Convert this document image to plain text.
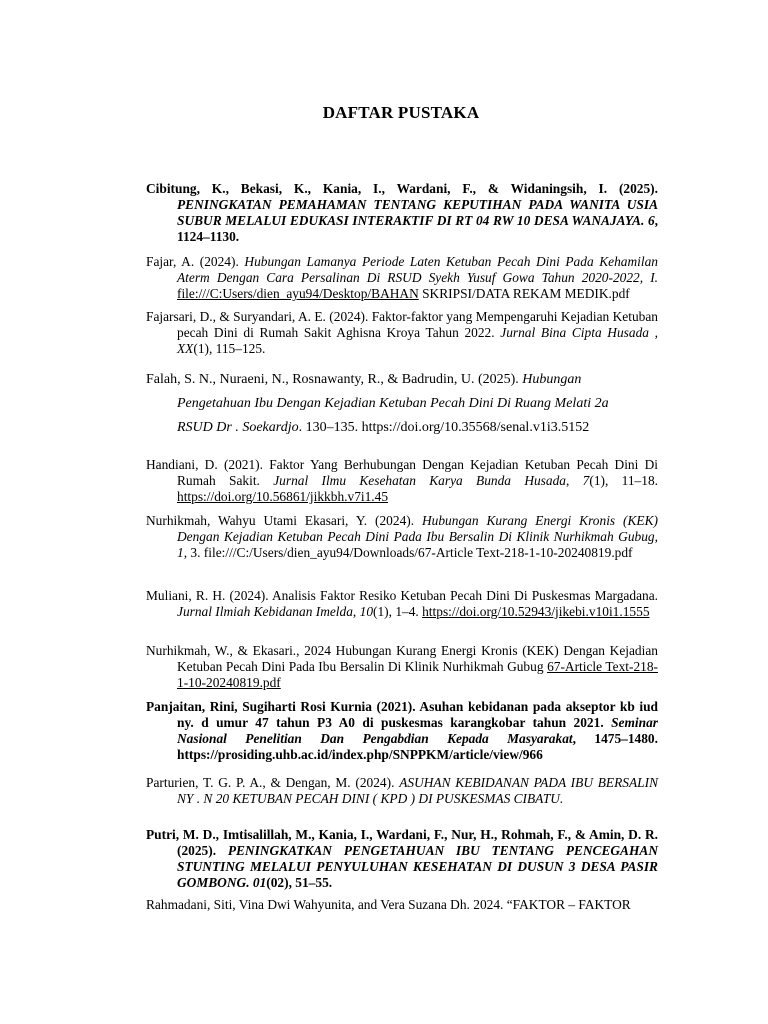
DAFTAR PUSTAKA
Cibitung, K., Bekasi, K., Kania, I., Wardani, F., & Widaningsih, I. (2025). PENINGKATAN PEMAHAMAN TENTANG KEPUTIHAN PADA WANITA USIA SUBUR MELALUI EDUKASI INTERAKTIF DI RT 04 RW 10 DESA WANAJAYA. 6, 1124–1130.
Fajar, A. (2024). Hubungan Lamanya Periode Laten Ketuban Pecah Dini Pada Kehamilan Aterm Dengan Cara Persalinan Di RSUD Syekh Yusuf Gowa Tahun 2020-2022, I. file:///C:Users/dien_ayu94/Desktop/BAHAN SKRIPSI/DATA REKAM MEDIK.pdf
Fajarsari, D., & Suryandari, A. E. (2024). Faktor-faktor yang Mempengaruhi Kejadian Ketuban pecah Dini di Rumah Sakit Aghisna Kroya Tahun 2022. Jurnal Bina Cipta Husada , XX(1), 115–125.
Falah, S. N., Nuraeni, N., Rosnawanty, R., & Badrudin, U. (2025). Hubungan
Pengetahuan Ibu Dengan Kejadian Ketuban Pecah Dini Di Ruang Melati 2a
RSUD Dr . Soekardjo. 130–135. https://doi.org/10.35568/senal.v1i3.5152
Handiani, D. (2021). Faktor Yang Berhubungan Dengan Kejadian Ketuban Pecah Dini Di Rumah Sakit. Jurnal Ilmu Kesehatan Karya Bunda Husada, 7(1), 11–18. https://doi.org/10.56861/jikkbh.v7i1.45
Nurhikmah, Wahyu Utami Ekasari, Y. (2024). Hubungan Kurang Energi Kronis (KEK) Dengan Kejadian Ketuban Pecah Dini Pada Ibu Bersalin Di Klinik Nurhikmah Gubug, 1, 3. file:///C:/Users/dien_ayu94/Downloads/67-Article Text-218-1-10-20240819.pdf
Muliani, R. H. (2024). Analisis Faktor Resiko Ketuban Pecah Dini Di Puskesmas Margadana. Jurnal Ilmiah Kebidanan Imelda, 10(1), 1–4. https://doi.org/10.52943/jikebi.v10i1.1555
Nurhikmah, W., & Ekasari., 2024 Hubungan Kurang Energi Kronis (KEK) Dengan Kejadian Ketuban Pecah Dini Pada Ibu Bersalin Di Klinik Nurhikmah Gubug 67-Article Text-218-1-10-20240819.pdf
Panjaitan, Rini, Sugiharti Rosi Kurnia (2021). Asuhan kebidanan pada akseptor kb iud ny. d umur 47 tahun P3 A0 di puskesmas karangkobar tahun 2021. Seminar Nasional Penelitian Dan Pengabdian Kepada Masyarakat, 1475–1480. https://prosiding.uhb.ac.id/index.php/SNPPKM/article/view/966
Parturien, T. G. P. A., & Dengan, M. (2024). ASUHAN KEBIDANAN PADA IBU BERSALIN NY . N 20 KETUBAN PECAH DINI ( KPD ) DI PUSKESMAS CIBATU.
Putri, M. D., Imtisalillah, M., Kania, I., Wardani, F., Nur, H., Rohmah, F., & Amin, D. R. (2025). PENINGKATKAN PENGETAHUAN IBU TENTANG PENCEGAHAN STUNTING MELALUI PENYULUHAN KESEHATAN DI DUSUN 3 DESA PASIR GOMBONG. 01(02), 51–55.
Rahmadani, Siti, Vina Dwi Wahyunita, and Vera Suzana Dh. 2024. “FAKTOR – FAKTOR
